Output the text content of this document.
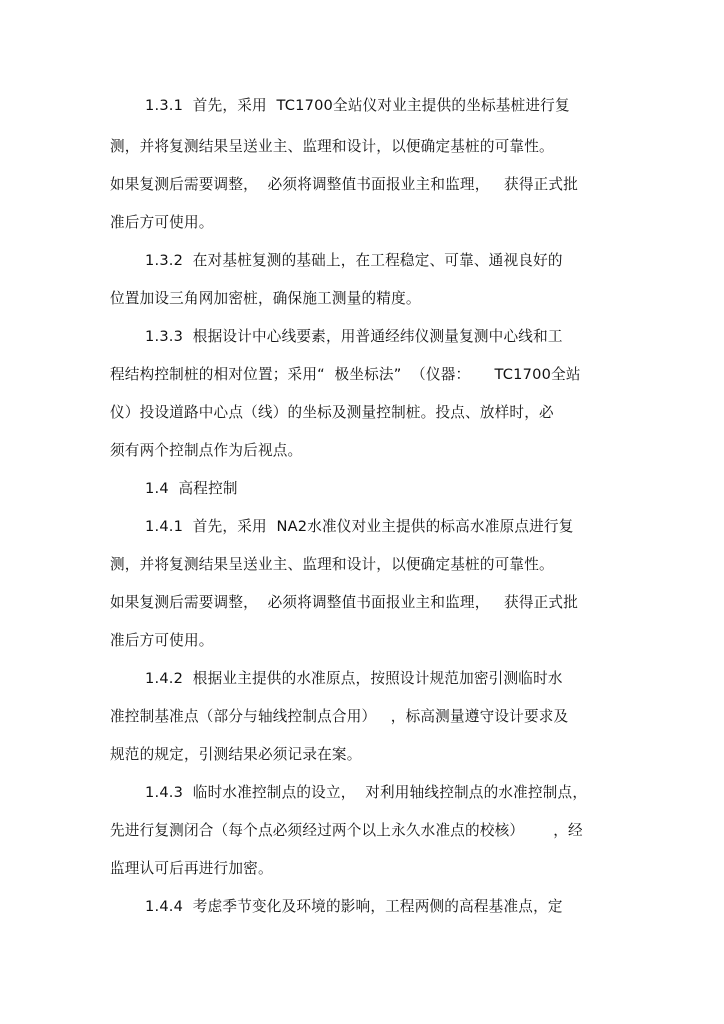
1.3.1  首先，采用  TC1700全站仪对业主提供的坐标基桩进行复
测，并将复测结果呈送业主、监理和设计，以便确定基桩的可靠性。
如果复测后需要调整，  必须将调整值书面报业主和监理，   获得正式批
准后方可使用。
1.3.2  在对基桩复测的基础上，在工程稳定、可靠、通视良好的
位置加设三角网加密桩，确保施工测量的精度。
1.3.3  根据设计中心线要素，用普通经纬仪测量复测中心线和工
程结构控制桩的相对位置；采用“  极坐标法”  （仪器：     TC1700全站
仪）投设道路中心点（线）的坐标及测量控制桩。投点、放样时，必
须有两个控制点作为后视点。
1.4  高程控制
1.4.1  首先，采用  NA2水准仪对业主提供的标高水准原点进行复
测，并将复测结果呈送业主、监理和设计，以便确定基桩的可靠性。
如果复测后需要调整，  必须将调整值书面报业主和监理，   获得正式批
准后方可使用。
1.4.2  根据业主提供的水准原点，按照设计规范加密引测临时水
准控制基准点（部分与轴线控制点合用）   ，标高测量遵守设计要求及
规范的规定，引测结果必须记录在案。
1.4.3  临时水准控制点的设立，  对利用轴线控制点的水准控制点，
先进行复测闭合（每个点必须经过两个以上永久水准点的校核）      ，经
监理认可后再进行加密。
1.4.4  考虑季节变化及环境的影响，工程两侧的高程基准点，定
